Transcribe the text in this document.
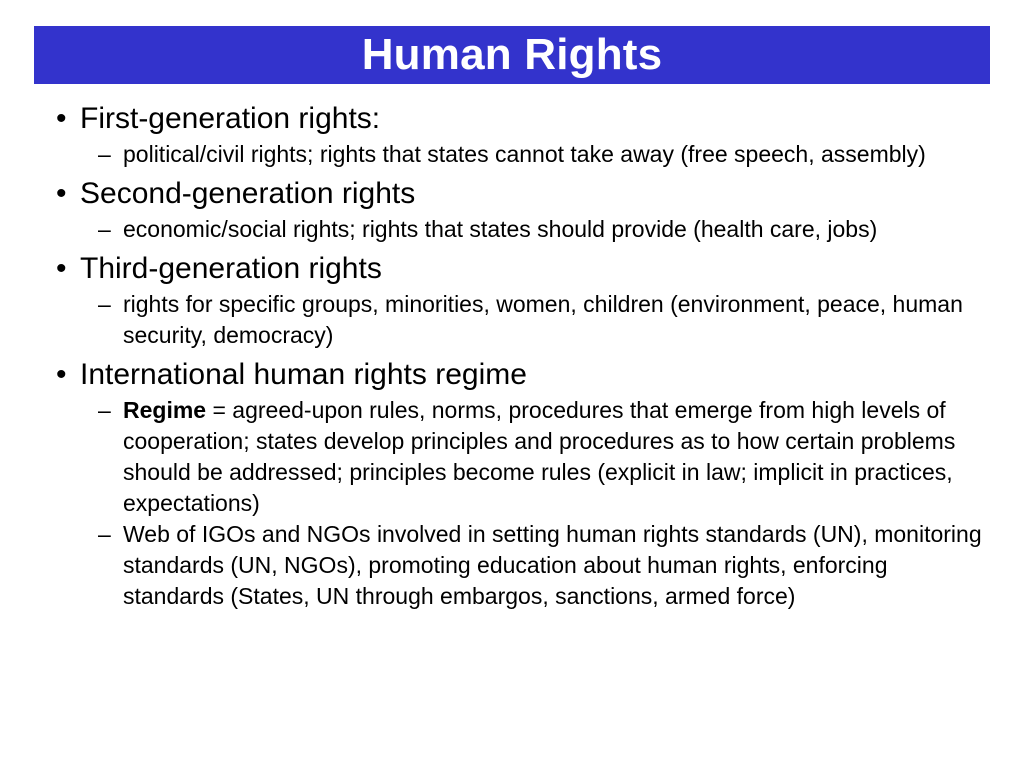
Human Rights
• First-generation rights:
– political/civil rights; rights that states cannot take away (free speech, assembly)
• Second-generation rights
– economic/social rights; rights that states should provide (health care, jobs)
• Third-generation rights
– rights for specific groups, minorities, women, children (environment, peace, human security, democracy)
• International human rights regime
– Regime = agreed-upon rules, norms, procedures that emerge from high levels of cooperation; states develop principles and procedures as to how certain problems should be addressed; principles become rules (explicit in law; implicit in practices, expectations)
– Web of IGOs and NGOs involved in setting human rights standards (UN), monitoring standards (UN, NGOs), promoting education about human rights, enforcing standards (States, UN through embargos, sanctions, armed force)
